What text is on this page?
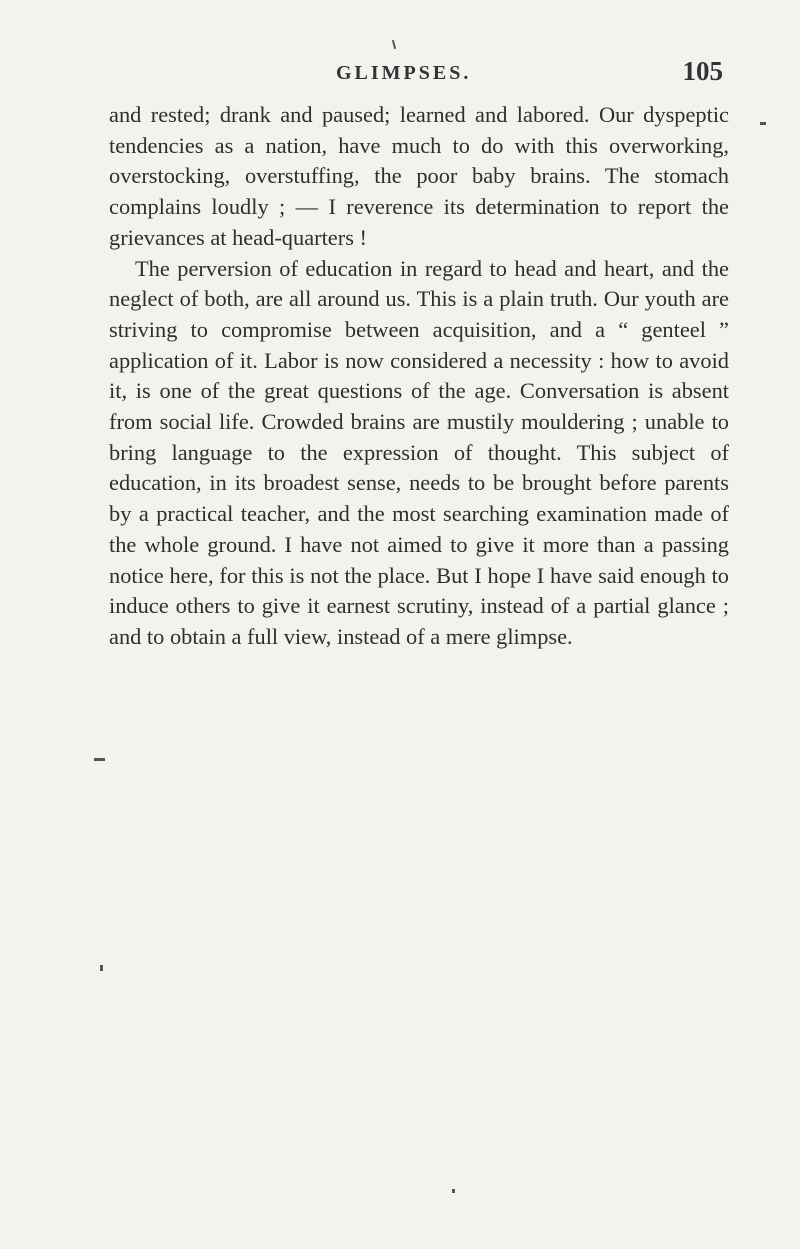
GLIMPSES.	105

and rested; drank and paused; learned and labored. Our dyspeptic tendencies as a nation, have much to do with this overworking, overstocking, overstuffing, the poor baby brains. The stomach complains loudly ; — I reverence its determination to report the grievances at head-quarters !

The perversion of education in regard to head and heart, and the neglect of both, are all around us. This is a plain truth. Our youth are striving to compromise between acquisition, and a “ genteel ” application of it. Labor is now considered a necessity : how to avoid it, is one of the great questions of the age. Conversation is absent from social life. Crowded brains are mustily mouldering ; unable to bring language to the expression of thought. This subject of education, in its broadest sense, needs to be brought before parents by a practical teacher, and the most searching examination made of the whole ground. I have not aimed to give it more than a passing notice here, for this is not the place. But I hope I have said enough to induce others to give it earnest scrutiny, instead of a partial glance ; and to obtain a full view, instead of a mere glimpse.
